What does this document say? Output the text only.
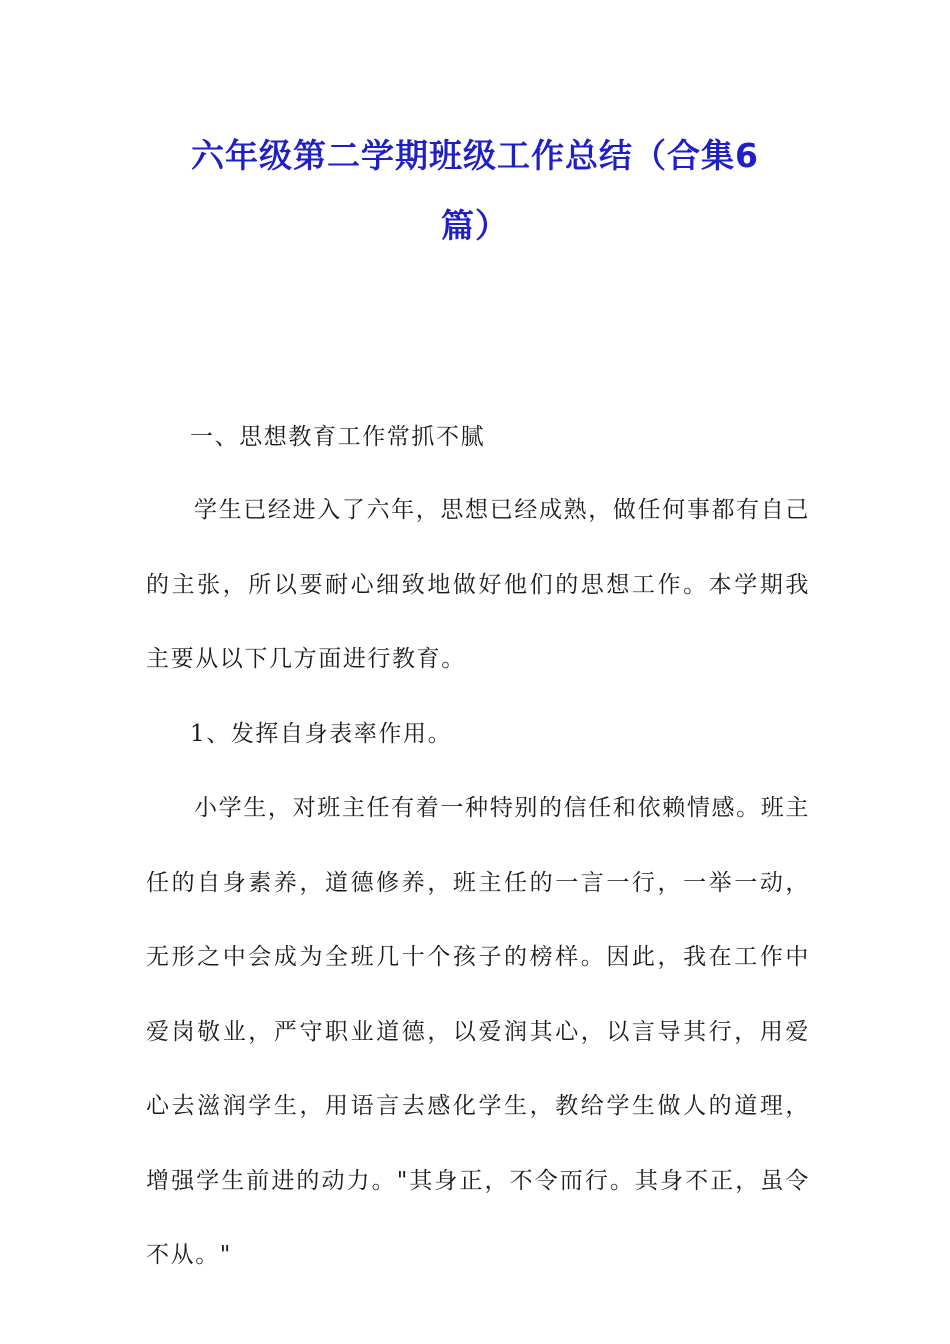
六年级第二学期班级工作总结（合集6
篇）

一、思想教育工作常抓不腻

学生已经进入了六年，思想已经成熟，做任何事都有自己的主张，所以要耐心细致地做好他们的思想工作。本学期我主要从以下几方面进行教育。

1、发挥自身表率作用。

小学生，对班主任有着一种特别的信任和依赖情感。班主任的自身素养，道德修养，班主任的一言一行，一举一动，无形之中会成为全班几十个孩子的榜样。因此，我在工作中爱岗敬业，严守职业道德，以爱润其心，以言导其行，用爱心去滋润学生，用语言去感化学生，教给学生做人的道理，增强学生前进的动力。"其身正，不令而行。其身不正，虽令不从。"
